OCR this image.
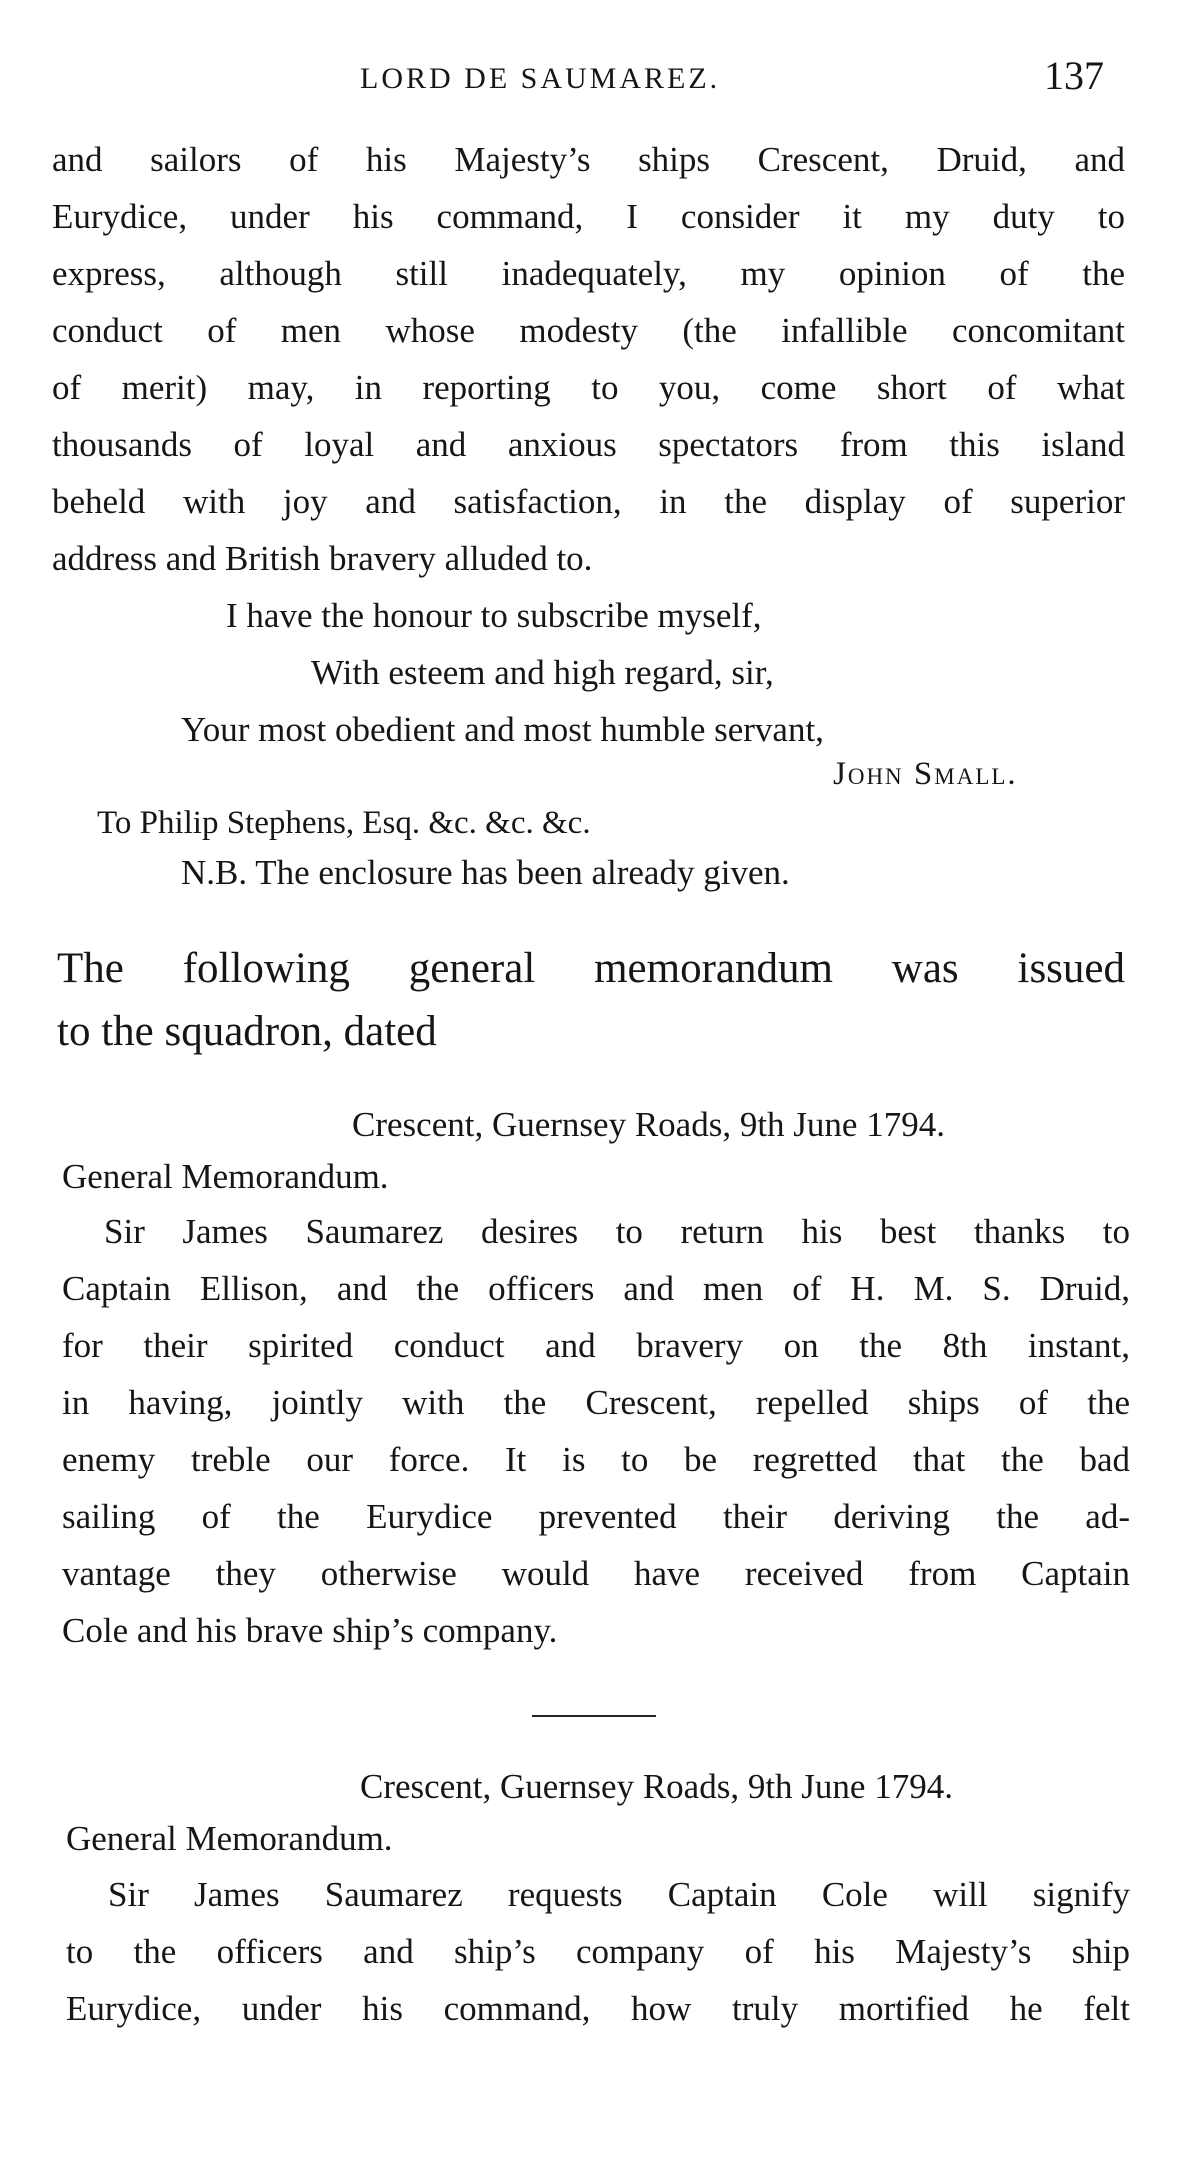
LORD DE SAUMAREZ.	137
and sailors of his Majesty’s ships Crescent, Druid, and
Eurydice, under his command, I consider it my duty to
express, although still inadequately, my opinion of the
conduct of men whose modesty (the infallible concomitant
of merit) may, in reporting to you, come short of what
thousands of loyal and anxious spectators from this island
beheld with joy and satisfaction, in the display of superior
address and British bravery alluded to.
I have the honour to subscribe myself,
With esteem and high regard, sir,
Your most obedient and most humble servant,
John Small.
To Philip Stephens, Esq. &c. &c. &c.
N.B. The enclosure has been already given.
The following general memorandum was issued
to the squadron, dated
Crescent, Guernsey Roads, 9th June 1794.
General Memorandum.
Sir James Saumarez desires to return his best thanks to
Captain Ellison, and the officers and men of H. M. S. Druid,
for their spirited conduct and bravery on the 8th instant,
in having, jointly with the Crescent, repelled ships of the
enemy treble our force. It is to be regretted that the bad
sailing of the Eurydice prevented their deriving the ad-
vantage they otherwise would have received from Captain
Cole and his brave ship’s company.
Crescent, Guernsey Roads, 9th June 1794.
General Memorandum.
Sir James Saumarez requests Captain Cole will signify
to the officers and ship’s company of his Majesty’s ship
Eurydice, under his command, how truly mortified he felt
